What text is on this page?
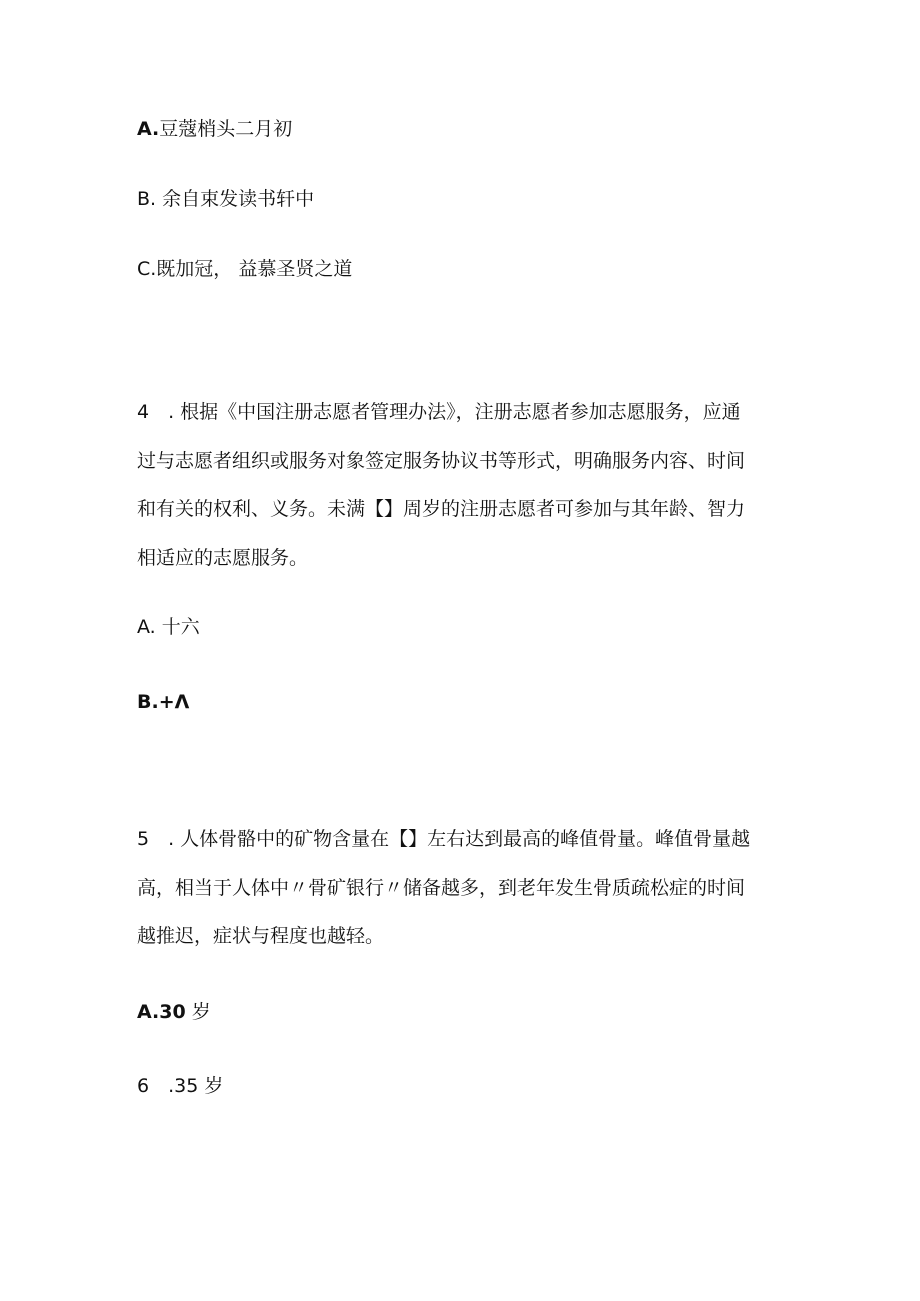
A.豆蔻梢头二月初
B. 余自束发读书轩中
C.既加冠， 益慕圣贤之道
4　. 根据《中国注册志愿者管理办法》，注册志愿者参加志愿服务，应通
过与志愿者组织或服务对象签定服务协议书等形式，明确服务内容、时间
和有关的权利、义务。未满【】周岁的注册志愿者可参加与其年龄、智力
相适应的志愿服务。
A. 十六
B.+Λ
5　. 人体骨骼中的矿物含量在【】左右达到最高的峰值骨量。峰值骨量越
高，相当于人体中〃骨矿银行〃储备越多，到老年发生骨质疏松症的时间
越推迟，症状与程度也越轻。
A.30 岁
6　.35 岁
